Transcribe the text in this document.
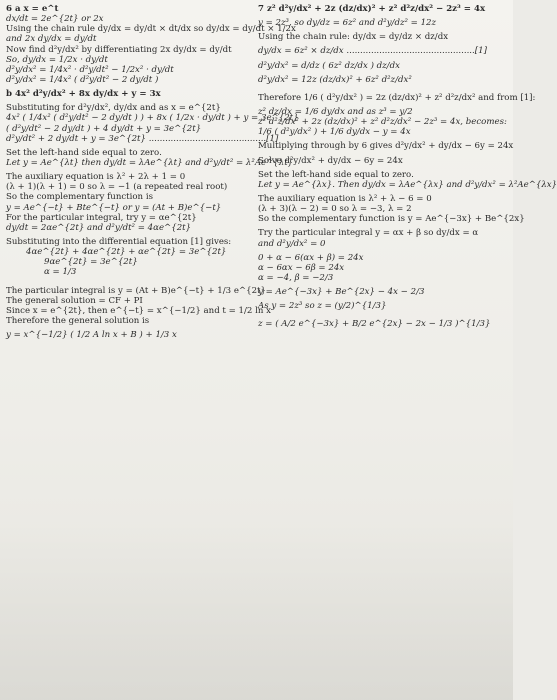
6 a x = e^t
dx/dt = 2e^{2t} or 2x
Using the chain rule dy/dx = dy/dt × dt/dx so dy/dx = dy/dt × 1/2x
and 2x dy/dx = dy/dt
Now find d²y/dx² by differentiating 2x dy/dx = dy/dt
So, dy/dx = 1/2x · dy/dt
d²y/dx² = 1/4x² · d²y/dt² − 1/2x² · dy/dt
d²y/dx² = 1/4x² ( d²y/dt² − 2 dy/dt )
b 4x² d²y/dx² + 8x dy/dx + y = 3x
Substituting for d²y/dx², dy/dx and as x = e^{2t}
4x² ( 1/4x² ( d²y/dt² − 2 dy/dt ) ) + 8x ( 1/2x · dy/dt ) + y = 3e^{2t}
( d²y/dt² − 2 dy/dt ) + 4 dy/dt + y = 3e^{2t}
d²y/dt² + 2 dy/dt + y = 3e^{2t} ...........................................[1]
Set the left-hand side equal to zero.
Let y = Ae^{λt} then dy/dt = λAe^{λt} and d²y/dt² = λ²Ae^{λt}
The auxiliary equation is λ² + 2λ + 1 = 0
(λ + 1)(λ + 1) = 0 so λ = −1 (a repeated real root)
So the complementary function is
y = Ae^{−t} + Bte^{−t} or y = (At + B)e^{−t}
For the particular integral, try y = αe^{2t}
dy/dt = 2αe^{2t} and d²y/dt² = 4αe^{2t}
Substituting into the differential equation [1] gives:
4αe^{2t} + 4αe^{2t} + αe^{2t} = 3e^{2t}
9αe^{2t} = 3e^{2t}
α = 1/3
The particular integral is y = (At + B)e^{−t} + 1/3 e^{2t}
The general solution = CF + PI
Since x = e^{2t}, then e^{−t} = x^{−1/2} and t = 1/2 ln x
Therefore the general solution is
y = x^{−1/2} ( 1/2 A ln x + B ) + 1/3 x
7 z² d²y/dx² + 2z (dz/dx)² + z² d²z/dx² − 2z³ = 4x
y = 2z³, so dy/dz = 6z² and d²y/dz² = 12z
Using the chain rule: dy/dx = dy/dz × dz/dx
dy/dx = 6z² × dz/dx ...............................................[1]
d²y/dx² = d/dz ( 6z² dz/dx ) dz/dx
d²y/dx² = 12z (dz/dx)² + 6z² d²z/dx²
Therefore 1/6 ( d²y/dx² ) = 2z (dz/dx)² + z² d²z/dx² and from [1]:
z² dz/dx = 1/6 dy/dx and as z³ = y/2
z² d²z/dx² + 2z (dz/dx)² + z² d²z/dx² − 2z³ = 4x, becomes:
1/6 ( d²y/dx² ) + 1/6 dy/dx − y = 4x
Multiplying through by 6 gives d²y/dx² + dy/dx − 6y = 24x
Solve d²y/dx² + dy/dx − 6y = 24x
Set the left-hand side equal to zero.
Let y = Ae^{λx}. Then dy/dx = λAe^{λx} and d²y/dx² = λ²Ae^{λx}
The auxiliary equation is λ² + λ − 6 = 0
(λ + 3)(λ − 2) = 0 so λ = −3, λ = 2
So the complementary function is y = Ae^{−3x} + Be^{2x}
Try the particular integral y = αx + β so dy/dx = α
and d²y/dx² = 0
0 + α − 6(αx + β) = 24x
α − 6αx − 6β = 24x
α = −4, β = −2/3
y = Ae^{−3x} + Be^{2x} − 4x − 2/3
As y = 2z³ so z = (y/2)^{1/3}
z = ( A/2 e^{−3x} + B/2 e^{2x} − 2x − 1/3 )^{1/3}
